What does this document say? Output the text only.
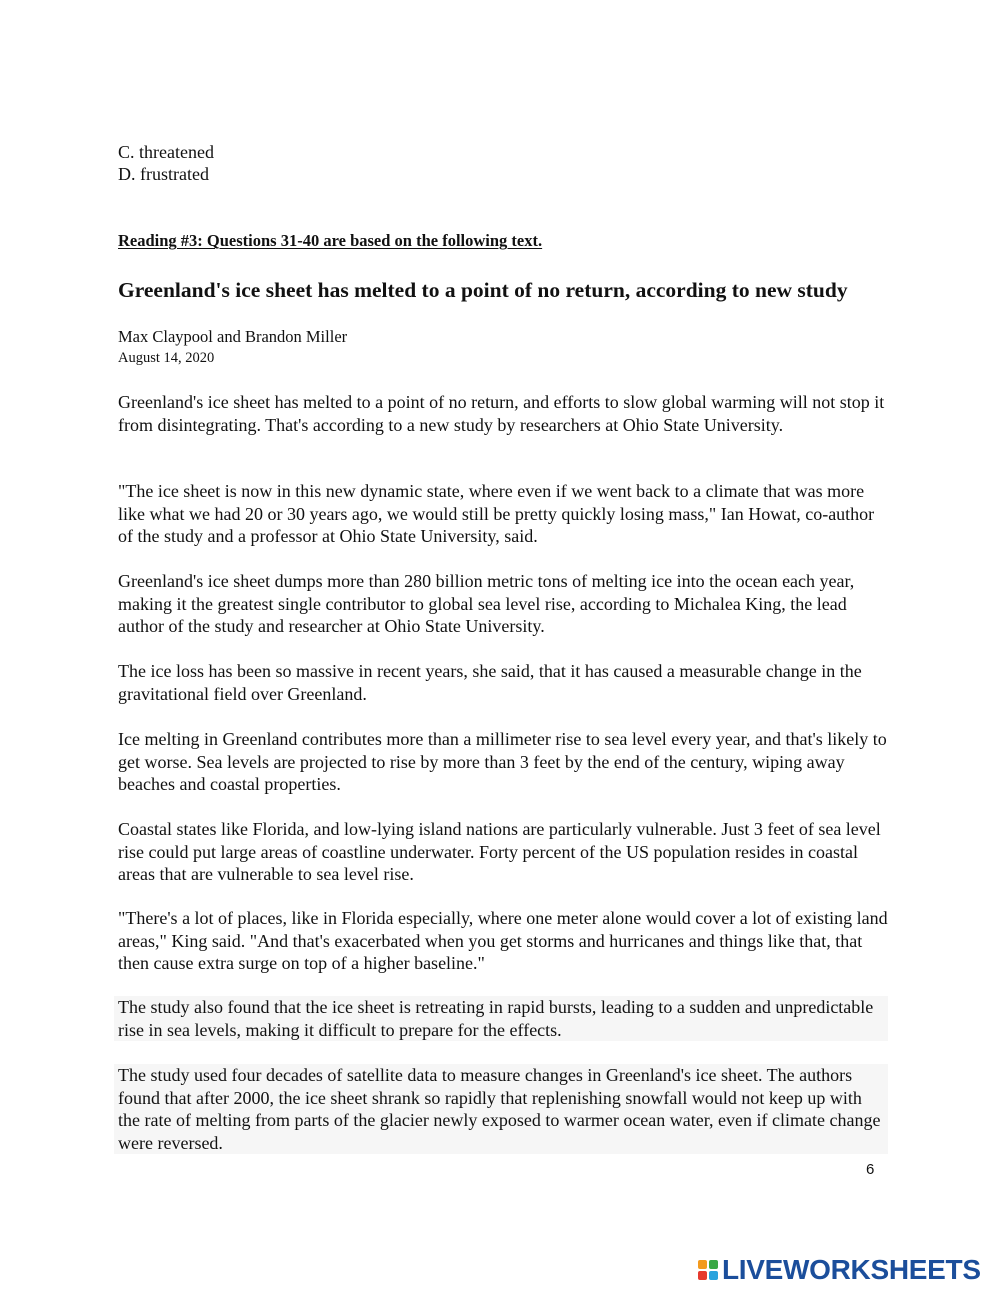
C. threatened
D. frustrated
Reading #3: Questions 31-40 are based on the following text.
Greenland's ice sheet has melted to a point of no return, according to new study
Max Claypool and Brandon Miller
August 14, 2020

Greenland's ice sheet has melted to a point of no return, and efforts to slow global warming will not stop it from disintegrating. That's according to a new study by researchers at Ohio State University.

"The ice sheet is now in this new dynamic state, where even if we went back to a climate that was more like what we had 20 or 30 years ago, we would still be pretty quickly losing mass," Ian Howat, co-author of the study and a professor at Ohio State University, said.

Greenland's ice sheet dumps more than 280 billion metric tons of melting ice into the ocean each year, making it the greatest single contributor to global sea level rise, according to Michalea King, the lead author of the study and researcher at Ohio State University.

The ice loss has been so massive in recent years, she said, that it has caused a measurable change in the gravitational field over Greenland.

Ice melting in Greenland contributes more than a millimeter rise to sea level every year, and that's likely to get worse. Sea levels are projected to rise by more than 3 feet by the end of the century, wiping away beaches and coastal properties.

Coastal states like Florida, and low-lying island nations are particularly vulnerable. Just 3 feet of sea level rise could put large areas of coastline underwater. Forty percent of the US population resides in coastal areas that are vulnerable to sea level rise.

"There's a lot of places, like in Florida especially, where one meter alone would cover a lot of existing land areas," King said. "And that's exacerbated when you get storms and hurricanes and things like that, that then cause extra surge on top of a higher baseline."

The study also found that the ice sheet is retreating in rapid bursts, leading to a sudden and unpredictable rise in sea levels, making it difficult to prepare for the effects.

The study used four decades of satellite data to measure changes in Greenland's ice sheet. The authors found that after 2000, the ice sheet shrank so rapidly that replenishing snowfall would not keep up with the rate of melting from parts of the glacier newly exposed to warmer ocean water, even if climate change were reversed.

6
LIVEWORKSHEETS
